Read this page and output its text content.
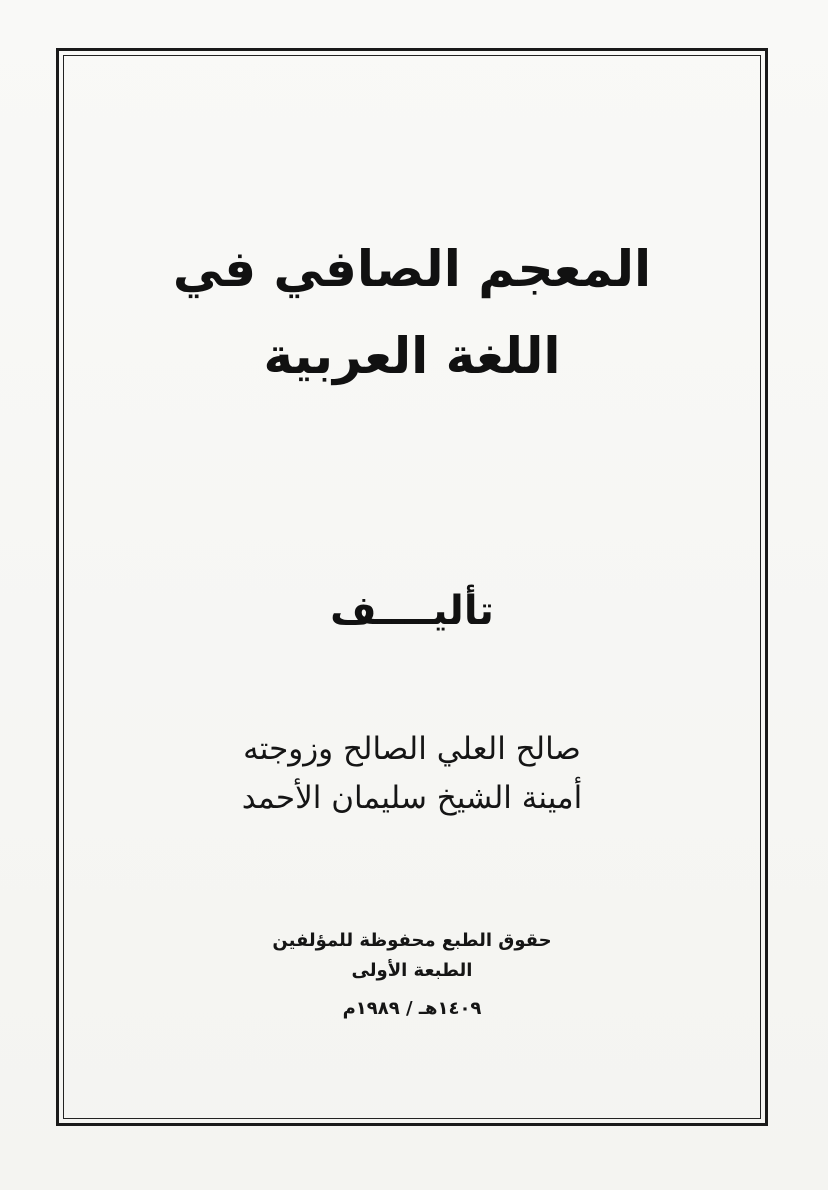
المعجم الصافي في
اللغة العربية
تأليــــف
صالح العلي الصالح وزوجته
أمينة الشيخ سليمان الأحمد
حقوق الطبع محفوظة للمؤلفين
الطبعة الأولى
١٤٠٩هـ / ١٩٨٩م
